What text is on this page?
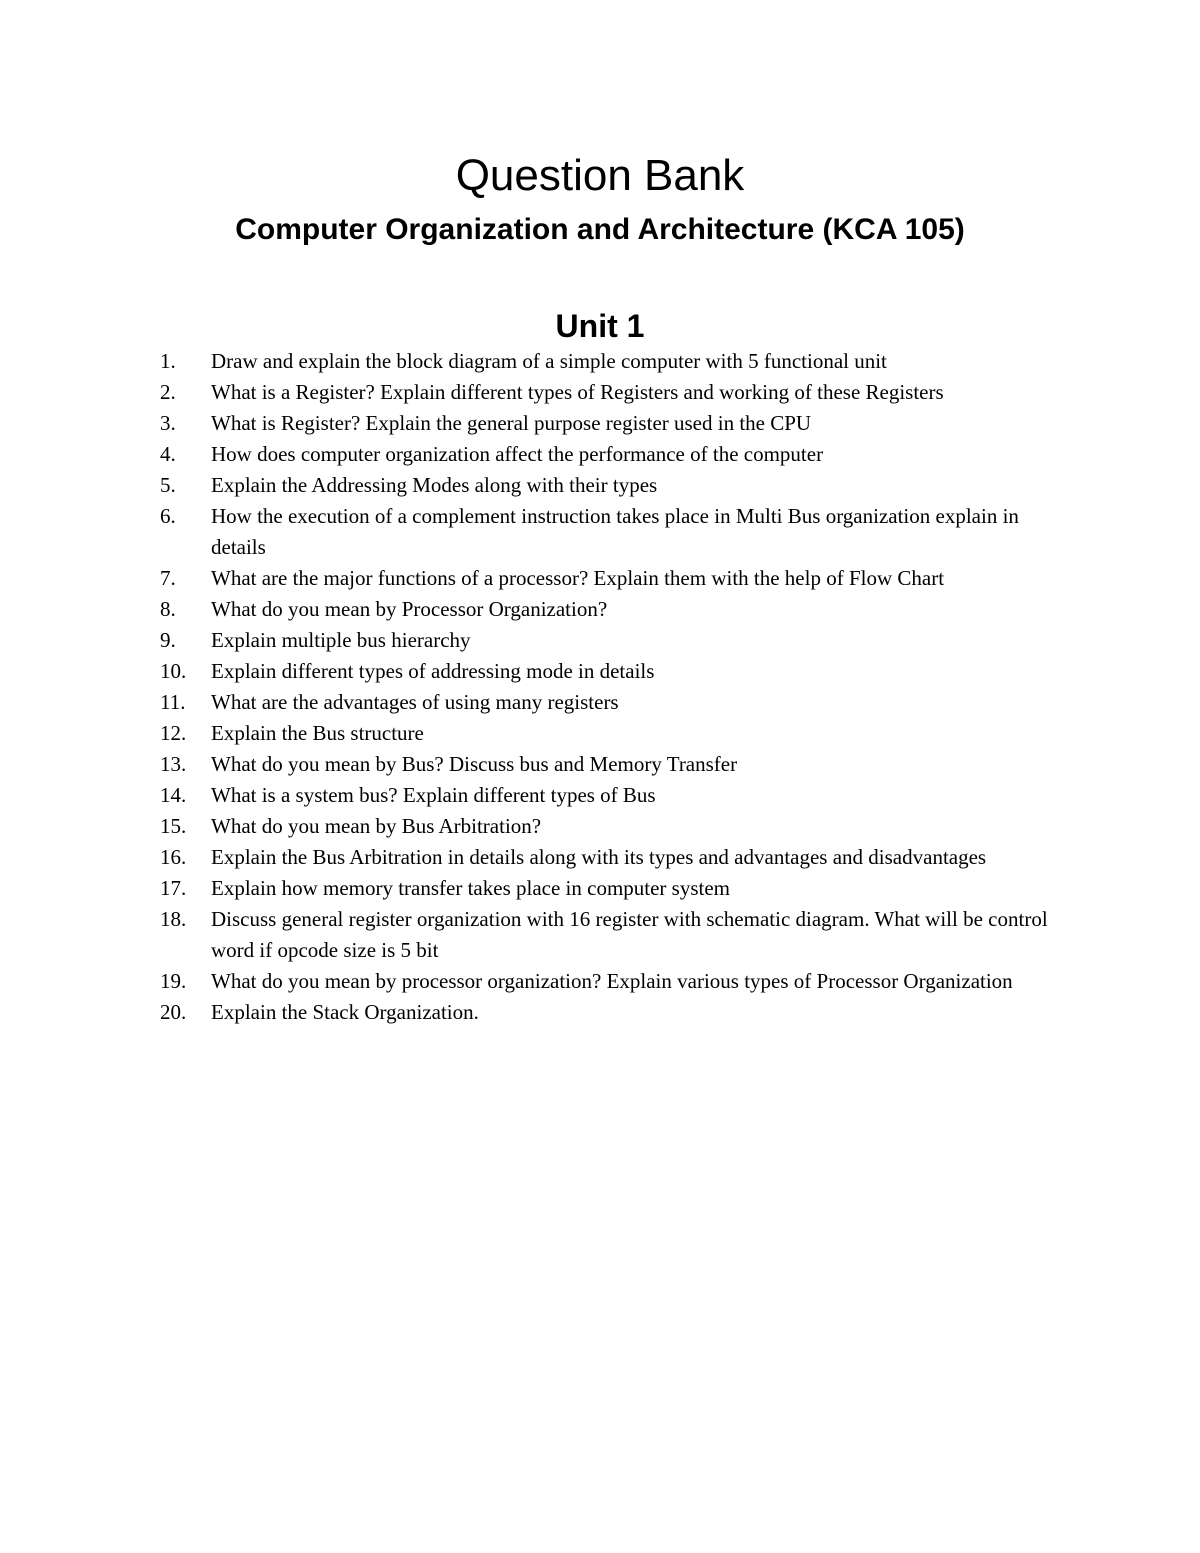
Question Bank
Computer Organization and Architecture (KCA 105)
Unit 1
1.	Draw and explain the block diagram of a simple computer with 5 functional unit
2.	What is a Register? Explain different types of Registers and working of these Registers
3.	What is Register? Explain the general purpose register used in the CPU
4.	How does computer organization affect the performance of the computer
5.	Explain the Addressing Modes along with their types
6.	How the execution of a complement instruction takes place in Multi Bus organization explain in details
7.	What are the major functions of a processor? Explain them with the help of Flow Chart
8.	What do you mean by Processor Organization?
9.	Explain multiple bus hierarchy
10.	Explain different types of addressing mode in details
11.	What are the advantages of using many registers
12.	Explain the Bus structure
13.	What do you mean by Bus? Discuss bus and Memory Transfer
14.	What is a system bus? Explain different types of Bus
15.	What do you mean by Bus Arbitration?
16.	Explain the Bus Arbitration in details along with its types and advantages and disadvantages
17.	Explain how memory transfer takes place in computer system
18.	Discuss general register organization with 16 register with schematic diagram. What will be control word if opcode size is 5 bit
19.	What do you mean by processor organization? Explain various types of Processor Organization
20.	Explain the Stack Organization.
